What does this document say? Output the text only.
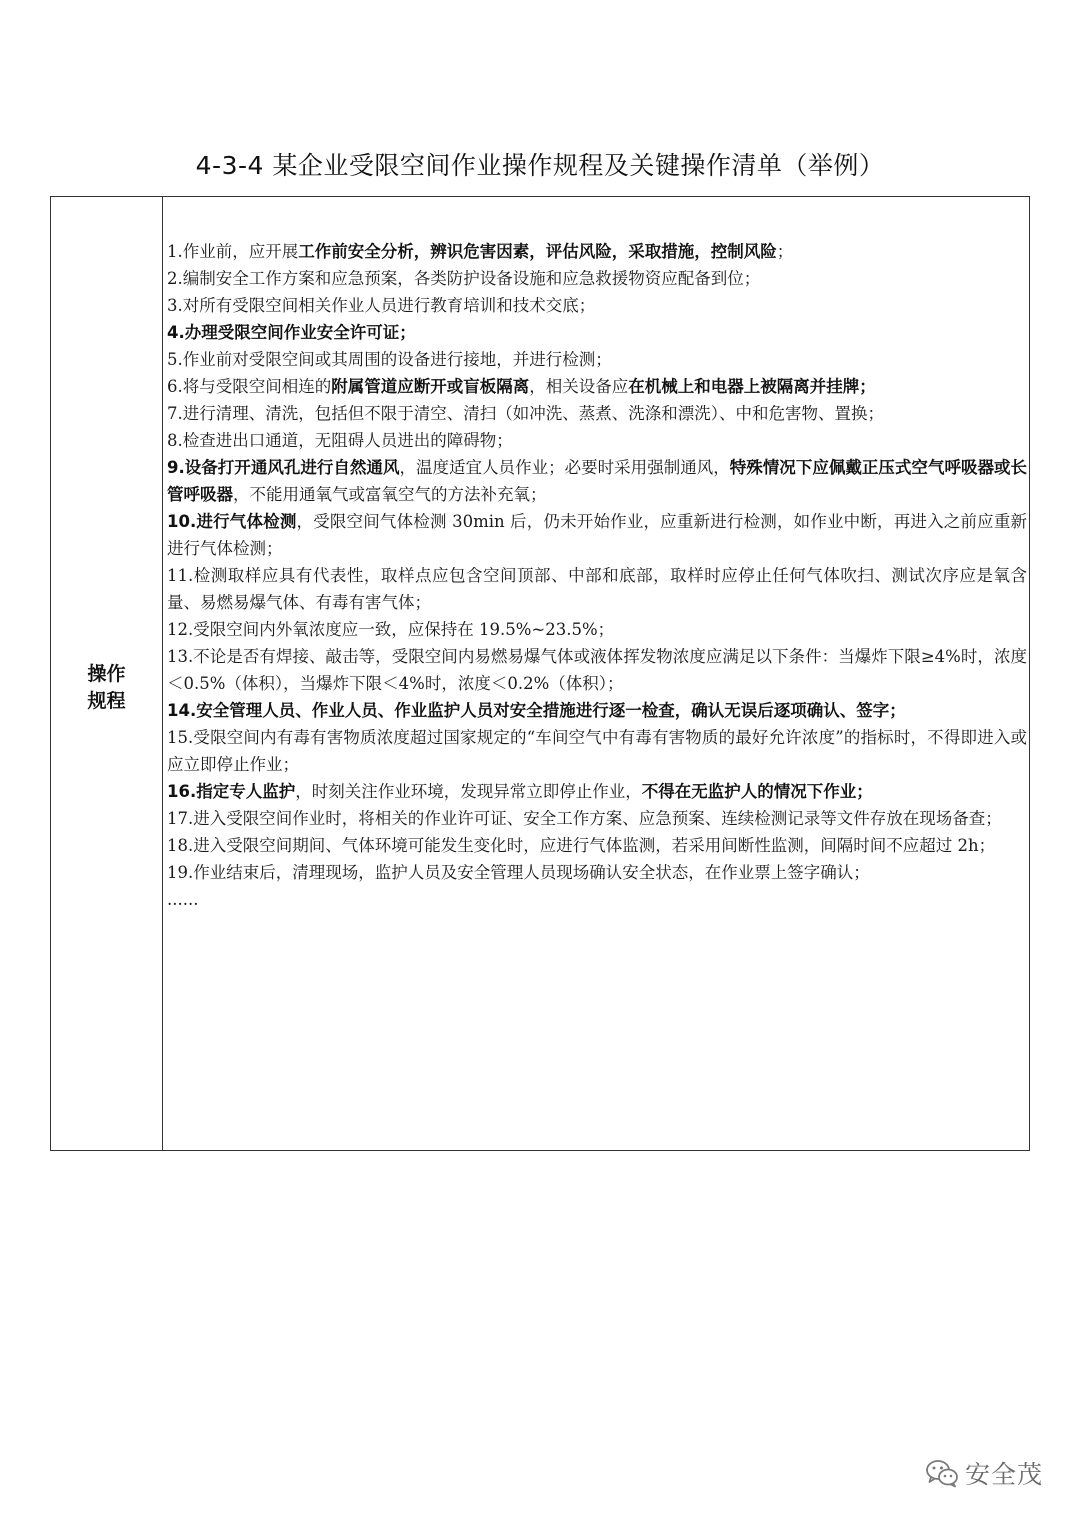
4-3-4 某企业受限空间作业操作规程及关键操作清单（举例）
操作规程

1.作业前，应开展工作前安全分析，辨识危害因素，评估风险，采取措施，控制风险；

2.编制安全工作方案和应急预案，各类防护设备设施和应急救援物资应配备到位；

3.对所有受限空间相关作业人员进行教育培训和技术交底；

4.办理受限空间作业安全许可证；

5.作业前对受限空间或其周围的设备进行接地，并进行检测；

6.将与受限空间相连的附属管道应断开或盲板隔离，相关设备应在机械上和电器上被隔离并挂牌；

7.进行清理、清洗，包括但不限于清空、清扫（如冲洗、蒸煮、洗涤和漂洗）、中和危害物、置换；

8.检查进出口通道，无阻碍人员进出的障碍物；

9.设备打开通风孔进行自然通风，温度适宜人员作业；必要时采用强制通风，特殊情况下应佩戴正压式空气呼吸器或长管呼吸器，不能用通氧气或富氧空气的方法补充氧；

10.进行气体检测，受限空间气体检测 30min 后，仍未开始作业，应重新进行检测，如作业中断，再进入之前应重新进行气体检测；

11.检测取样应具有代表性，取样点应包含空间顶部、中部和底部，取样时应停止任何气体吹扫、测试次序应是氧含量、易燃易爆气体、有毒有害气体；

12.受限空间内外氧浓度应一致，应保持在 19.5%~23.5%；

13.不论是否有焊接、敲击等，受限空间内易燃易爆气体或液体挥发物浓度应满足以下条件：当爆炸下限≥4%时，浓度＜0.5%（体积），当爆炸下限＜4%时，浓度＜0.2%（体积）；

14.安全管理人员、作业人员、作业监护人员对安全措施进行逐一检查，确认无误后逐项确认、签字；

15.受限空间内有毒有害物质浓度超过国家规定的“车间空气中有毒有害物质的最好允许浓度”的指标时，不得即进入或应立即停止作业；

16.指定专人监护，时刻关注作业环境，发现异常立即停止作业，不得在无监护人的情况下作业；

17.进入受限空间作业时，将相关的作业许可证、安全工作方案、应急预案、连续检测记录等文件存放在现场备查；

18.进入受限空间期间、气体环境可能发生变化时，应进行气体监测，若采用间断性监测，间隔时间不应超过 2h；

19.作业结束后，清理现场，监护人员及安全管理人员现场确认安全状态，在作业票上签字确认；

......

安全茂
